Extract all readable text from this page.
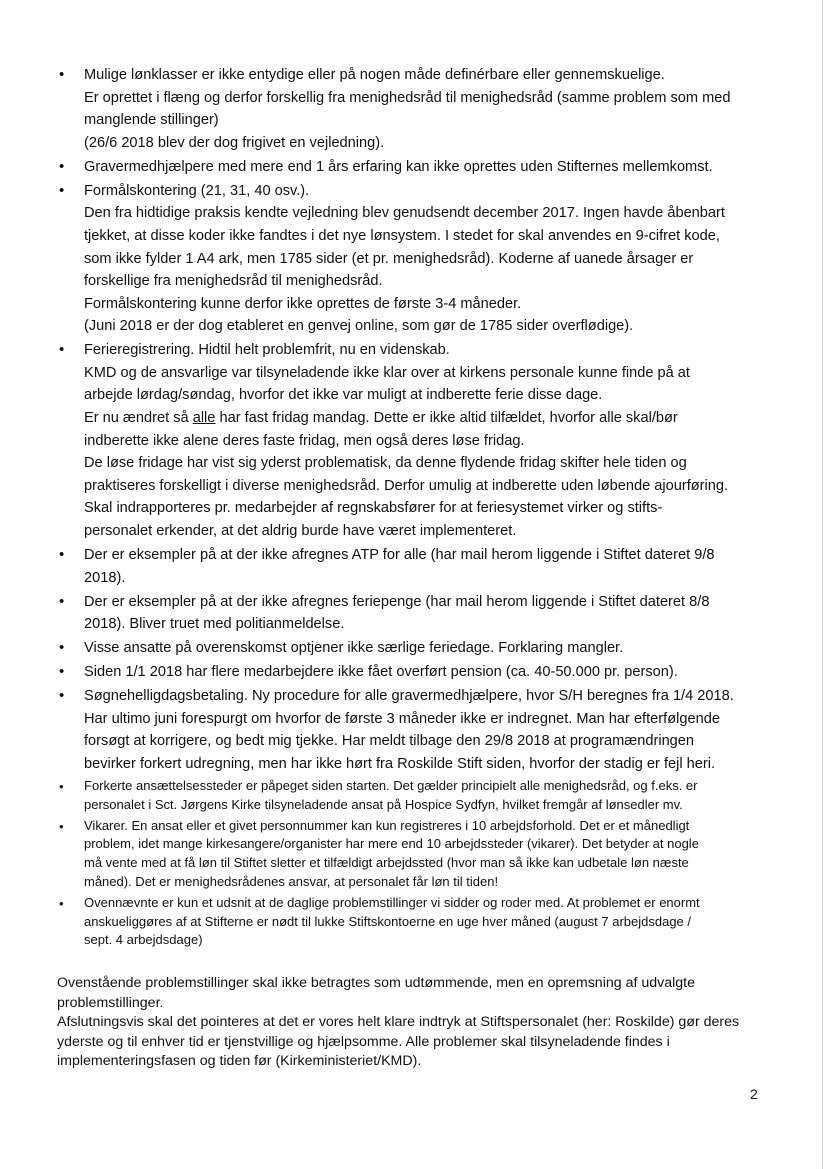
• Mulige lønklasser er ikke entydige eller på nogen måde definérbare eller gennemskuelige.
Er oprettet i flæng og derfor forskellig fra menighedsråd til menighedsråd (samme problem som med
manglende stillinger)
(26/6 2018 blev der dog frigivet en vejledning).
• Gravermedhjælpere med mere end 1 års erfaring kan ikke oprettes uden Stifternes mellemkomst.
• Formålskontering (21, 31, 40 osv.).
Den fra hidtidige praksis kendte vejledning blev genudsendt december 2017. Ingen havde åbenbart
tjekket, at disse koder ikke fandtes i det nye lønsystem. I stedet for skal anvendes en 9-cifret kode,
som ikke fylder 1 A4 ark, men 1785 sider (et pr. menighedsråd). Koderne af uanede årsager er
forskellige fra menighedsråd til menighedsråd.
Formålskontering kunne derfor ikke oprettes de første 3-4 måneder.
(Juni 2018 er der dog etableret en genvej online, som gør de 1785 sider overflødige).
• Ferieregistrering. Hidtil helt problemfrit, nu en videnskab.
KMD og de ansvarlige var tilsyneladende ikke klar over at kirkens personale kunne finde på at
arbejde lørdag/søndag, hvorfor det ikke var muligt at indberette ferie disse dage.
Er nu ændret så alle har fast fridag mandag. Dette er ikke altid tilfældet, hvorfor alle skal/bør
indberette ikke alene deres faste fridag, men også deres løse fridag.
De løse fridage har vist sig yderst problematisk, da denne flydende fridag skifter hele tiden og
praktiseres forskelligt i diverse menighedsråd. Derfor umulig at indberette uden løbende ajourføring.
Skal indrapporteres pr. medarbejder af regnskabsfører for at feriesystemet virker og stifts-
personalet erkender, at det aldrig burde have været implementeret.
• Der er eksempler på at der ikke afregnes ATP for alle (har mail herom liggende i Stiftet dateret 9/8
2018).
• Der er eksempler på at der ikke afregnes feriepenge (har mail herom liggende i Stiftet dateret 8/8
2018). Bliver truet med politianmeldelse.
• Visse ansatte på overenskomst optjener ikke særlige feriedage. Forklaring mangler.
• Siden 1/1 2018 har flere medarbejdere ikke fået overført pension (ca. 40-50.000 pr. person).
• Søgnehelligdagsbetaling. Ny procedure for alle gravermedhjælpere, hvor S/H beregnes fra 1/4 2018.
Har ultimo juni forespurgt om hvorfor de første 3 måneder ikke er indregnet. Man har efterfølgende
forsøgt at korrigere, og bedt mig tjekke. Har meldt tilbage den 29/8 2018 at programændringen
bevirker forkert udregning, men har ikke hørt fra Roskilde Stift siden, hvorfor der stadig er fejl heri.
• Forkerte ansættelsessteder er påpeget siden starten. Det gælder principielt alle menighedsråd, og f.eks. er
personalet i Sct. Jørgens Kirke tilsyneladende ansat på Hospice Sydfyn, hvilket fremgår af lønsedler mv.
• Vikarer. En ansat eller et givet personnummer kan kun registreres i 10 arbejdsforhold. Det er et månedligt
problem, idet mange kirkesangere/organister har mere end 10 arbejdssteder (vikarer). Det betyder at nogle
må vente med at få løn til Stiftet sletter et tilfældigt arbejdssted (hvor man så ikke kan udbetale løn næste
måned). Det er menighedsrådenes ansvar, at personalet får løn til tiden!
• Ovennævnte er kun et udsnit at de daglige problemstillinger vi sidder og roder med. At problemet er enormt
anskueliggøres af at Stifterne er nødt til lukke Stiftskontoerne en uge hver måned (august 7 arbejdsdage /
sept. 4 arbejdsdage)
Ovenstående problemstillinger skal ikke betragtes som udtømmende, men en opremsning af udvalgte
problemstillinger.
Afslutningsvis skal det pointeres at det er vores helt klare indtryk at Stiftspersonalet (her: Roskilde) gør deres
yderste og til enhver tid er tjenstvillige og hjælpsomme. Alle problemer skal tilsyneladende findes i
implementeringsfasen og tiden før (Kirkeministeriet/KMD).
2
